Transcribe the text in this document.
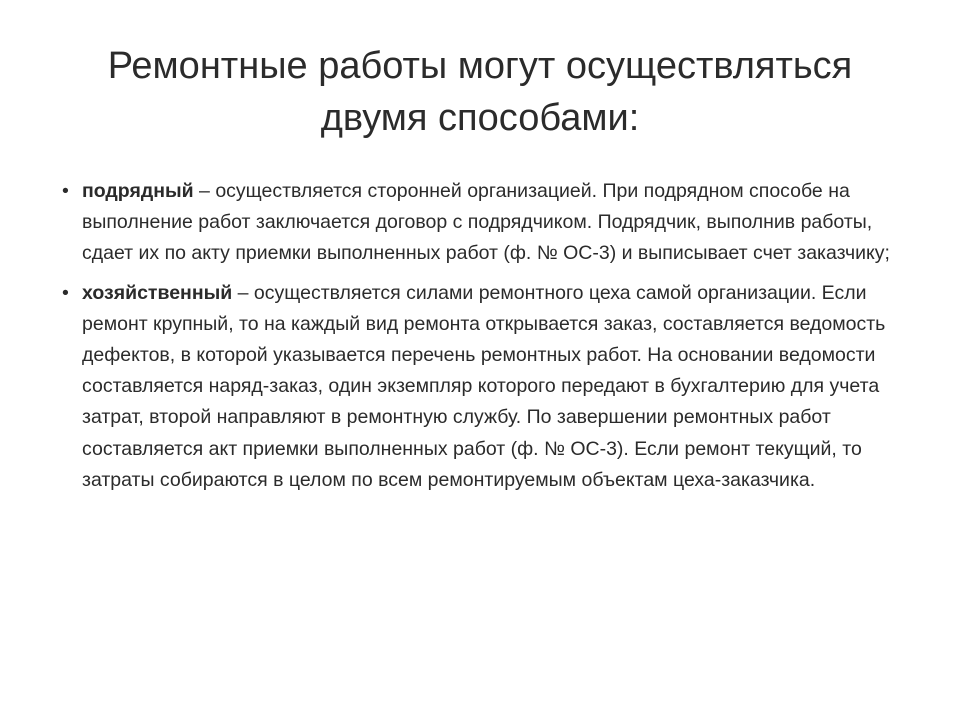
Ремонтные работы могут осуществляться двумя способами:
• подрядный – осуществляется сторонней организацией. При подрядном способе на выполнение работ заключается договор с подрядчиком. Подрядчик, выполнив работы, сдает их по акту приемки выполненных работ (ф. № ОС-3) и выписывает счет заказчику;
• хозяйственный – осуществляется силами ремонтного цеха самой организации. Если ремонт крупный, то на каждый вид ремонта открывается заказ, составляется ведомость дефектов, в которой указывается перечень ремонтных работ. На основании ведомости составляется наряд-заказ, один экземпляр которого передают в бухгалтерию для учета затрат, второй направляют в ремонтную службу. По завершении ремонтных работ составляется акт приемки выполненных работ (ф. № ОС-3). Если ремонт текущий, то затраты собираются в целом по всем ремонтируемым объектам цеха-заказчика.
